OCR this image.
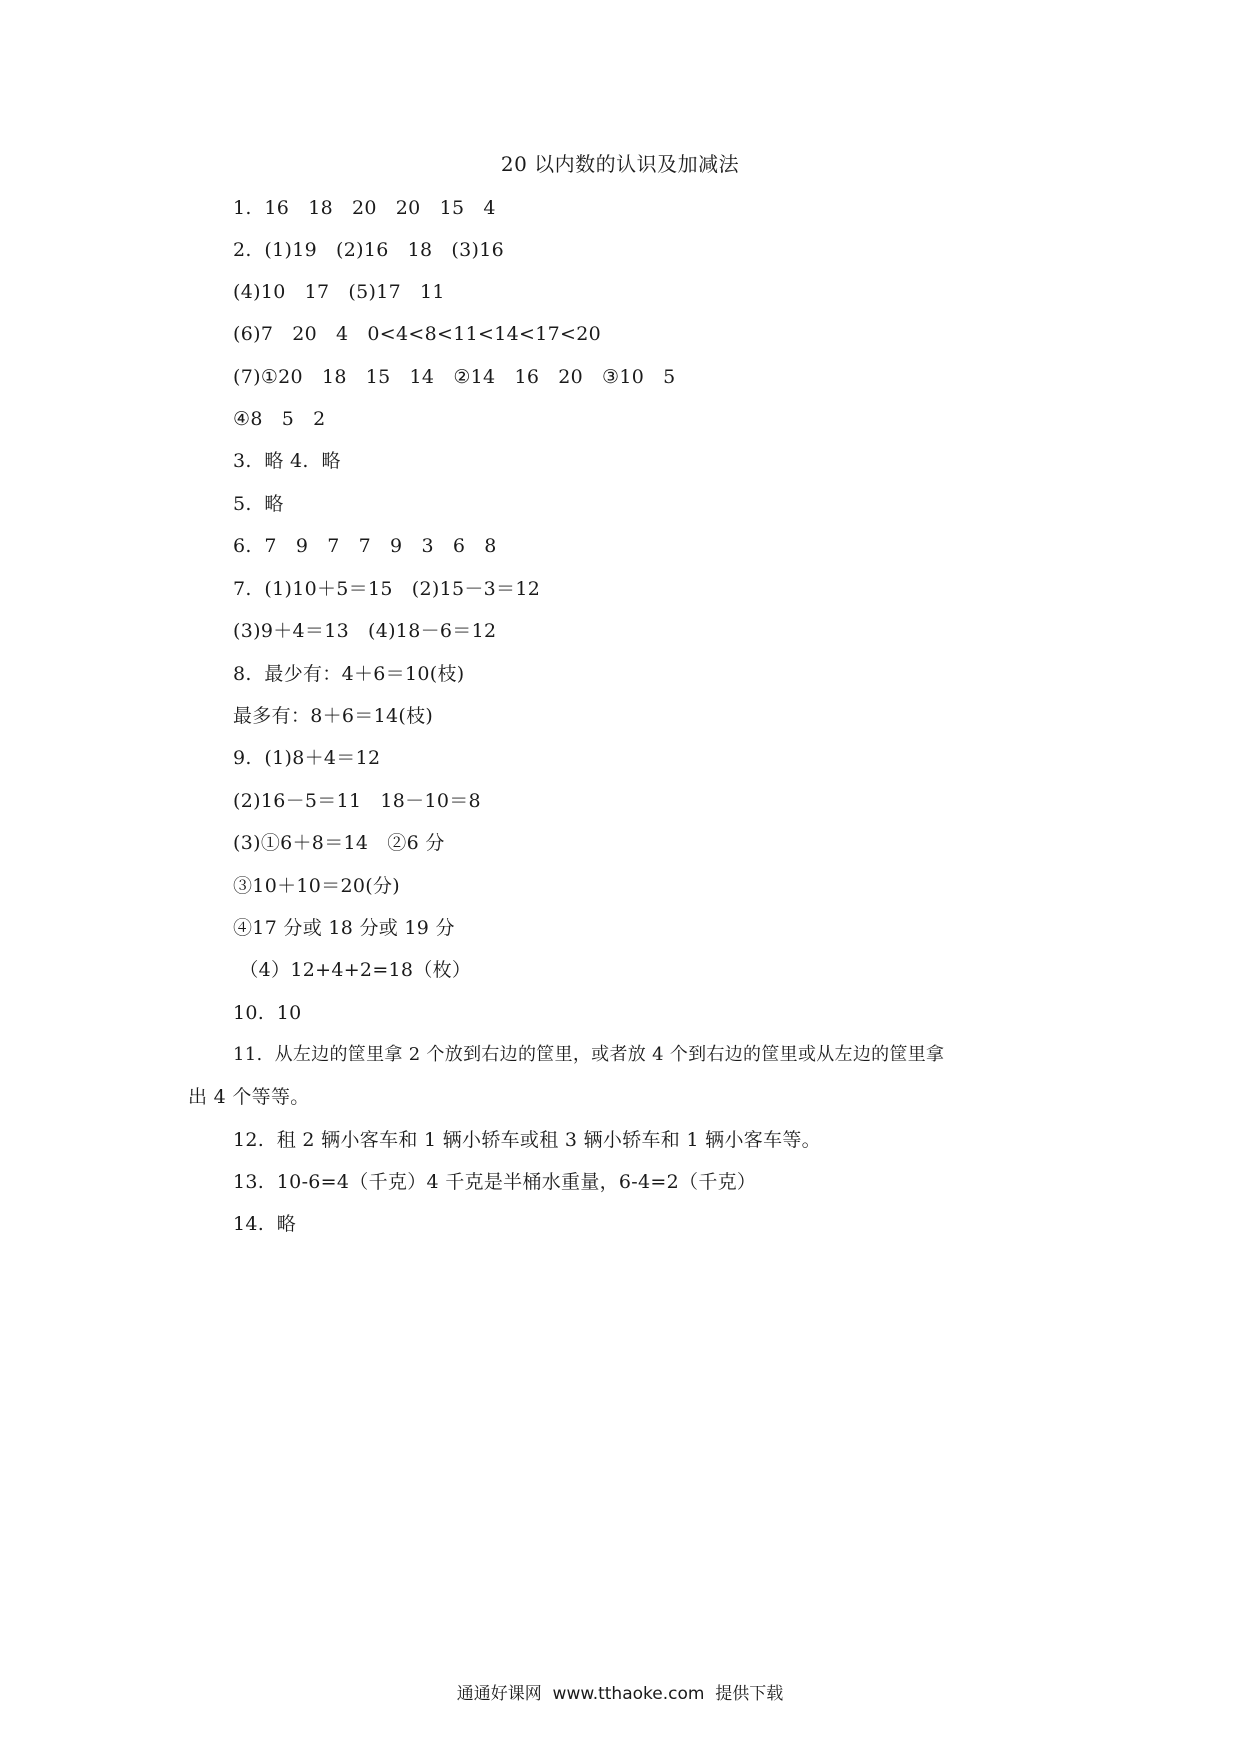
20 以内数的认识及加减法
1.  16   18   20   20   15   4
2.  (1)19   (2)16   18   (3)16
(4)10   17   (5)17   11
(6)7   20   4   0<4<8<11<14<17<20
(7)①20   18   15   14   ②14   16   20   ③10   5
④8   5   2
3.  略 4.  略
5.  略
6.  7   9   7   7   9   3   6   8
7.  (1)10＋5＝15   (2)15－3＝12
(3)9＋4＝13   (4)18－6＝12
8.  最少有：4＋6＝10(枝)
最多有：8＋6＝14(枝)
9.  (1)8＋4＝12
(2)16－5＝11   18－10＝8
(3)①6＋8＝14   ②6 分
③10＋10＝20(分)
④17 分或 18 分或 19 分
（4）12+4+2=18（枚）
10.  10
11.  从左边的筐里拿 2 个放到右边的筐里，或者放 4 个到右边的筐里或从左边的筐里拿
出 4 个等等。
12.  租 2 辆小客车和 1 辆小轿车或租 3 辆小轿车和 1 辆小客车等。
13.  10-6=4（千克）4 千克是半桶水重量，6-4=2（千克）
14.  略
通通好课网  www.tthaoke.com  提供下载
